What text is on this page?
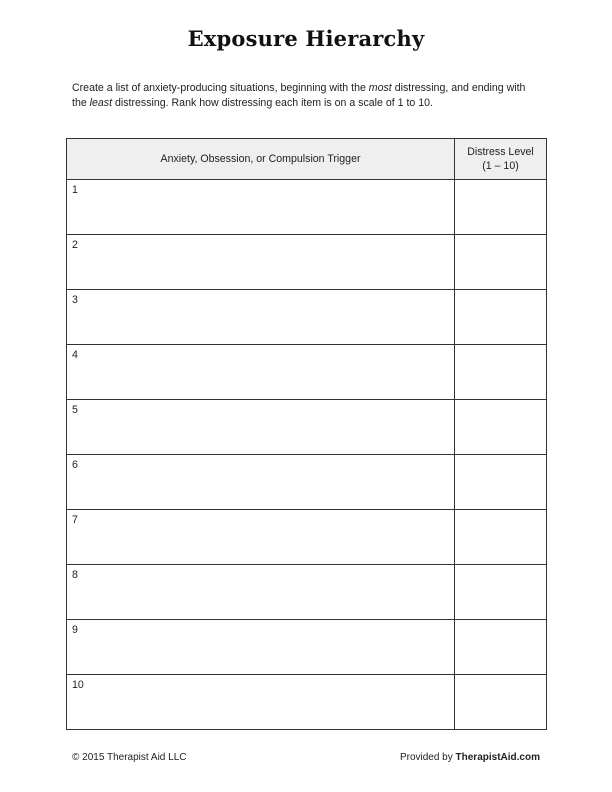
Exposure Hierarchy
Create a list of anxiety-producing situations, beginning with the most distressing, and ending with the least distressing. Rank how distressing each item is on a scale of 1 to 10.
Anxiety, Obsession, or Compulsion Trigger	Distress Level
(1 – 10)
1	
2	
3	
4	
5	
6	
7	
8	
9	
10	
© 2015 Therapist Aid LLC	Provided by TherapistAid.com
